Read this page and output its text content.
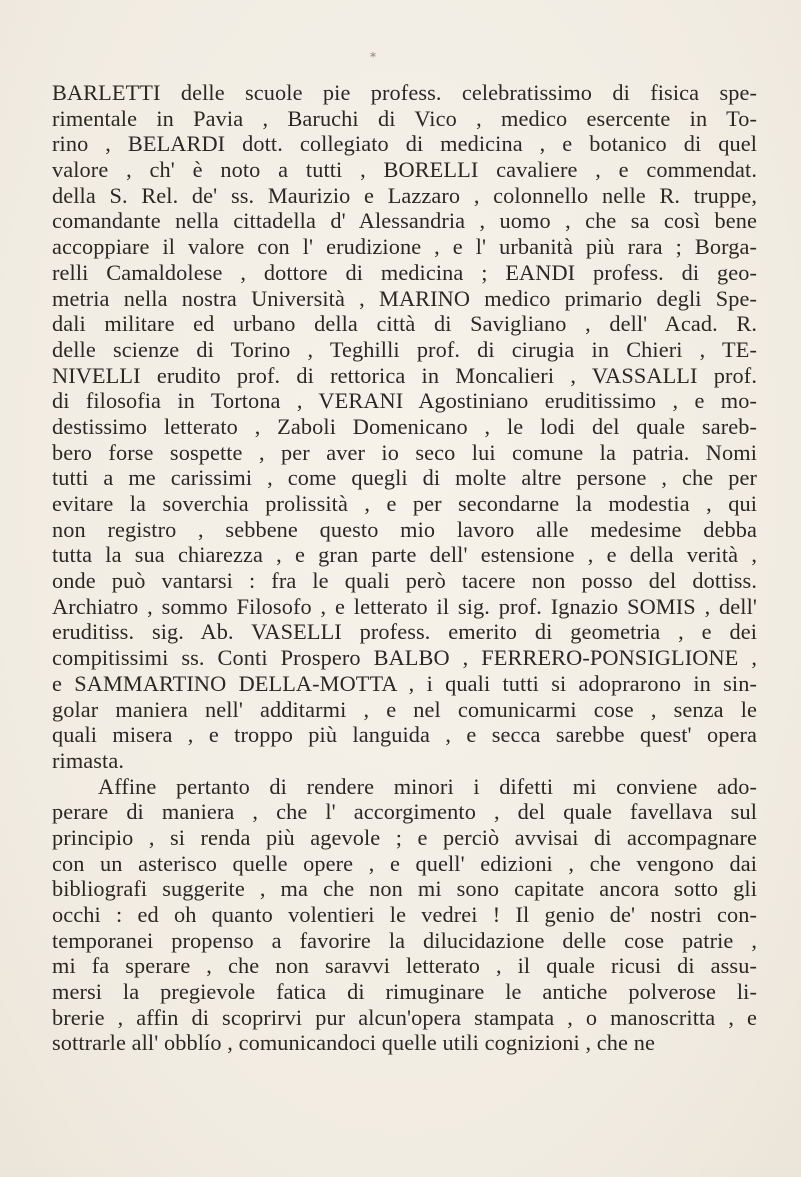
*
BARLETTI delle scuole pie profess. celebratissimo di fisica spe-
rimentale in Pavia , Baruchi di Vico , medico esercente in To-
rino , BELARDI dott. collegiato di medicina , e botanico di quel
valore , ch' è noto a tutti , BORELLI cavaliere , e commendat.
della S. Rel. de' ss. Maurizio e Lazzaro , colonnello nelle R. truppe,
comandante nella cittadella d' Alessandria , uomo , che sa così bene
accoppiare il valore con l' erudizione , e l' urbanità più rara ; Borga-
relli Camaldolese , dottore di medicina ; EANDI profess. di geo-
metria nella nostra Università , MARINO medico primario degli Spe-
dali militare ed urbano della città di Savigliano , dell' Acad. R.
delle scienze di Torino , Teghilli prof. di cirugia in Chieri , TE-
NIVELLI erudito prof. di rettorica in Moncalieri , VASSALLI prof.
di filosofia in Tortona , VERANI Agostiniano eruditissimo , e mo-
destissimo letterato , Zaboli Domenicano , le lodi del quale sareb-
bero forse sospette , per aver io seco lui comune la patria. Nomi
tutti a me carissimi , come quegli di molte altre persone , che per
evitare la soverchia prolissità , e per secondarne la modestia , qui
non registro , sebbene questo mio lavoro alle medesime debba
tutta la sua chiarezza , e gran parte dell' estensione , e della verità ,
onde può vantarsi : fra le quali però tacere non posso del dottiss.
Archiatro , sommo Filosofo , e letterato il sig. prof. Ignazio SOMIS , dell'
eruditiss. sig. Ab. VASELLI profess. emerito di geometria , e dei
compitissimi ss. Conti Prospero BALBO , FERRERO-PONSIGLIONE ,
e SAMMARTINO DELLA-MOTTA , i quali tutti si adoprarono in sin-
golar maniera nell' additarmi , e nel comunicarmi cose , senza le
quali misera , e troppo più languida , e secca sarebbe quest' opera
rimasta.
Affine pertanto di rendere minori i difetti mi conviene ado-
perare di maniera , che l' accorgimento , del quale favellava sul
principio , si renda più agevole ; e perciò avvisai di accompagnare
con un asterisco quelle opere , e quell' edizioni , che vengono dai
bibliografi suggerite , ma che non mi sono capitate ancora sotto gli
occhi : ed oh quanto volentieri le vedrei ! Il genio de' nostri con-
temporanei propenso a favorire la dilucidazione delle cose patrie ,
mi fa sperare , che non saravvi letterato , il quale ricusi di assu-
mersi la pregievole fatica di rimuginare le antiche polverose li-
brerie , affin di scoprirvi pur alcun'opera stampata , o manoscritta , e
sottrarle all' obblío , comunicandoci quelle utili cognizioni , che ne
